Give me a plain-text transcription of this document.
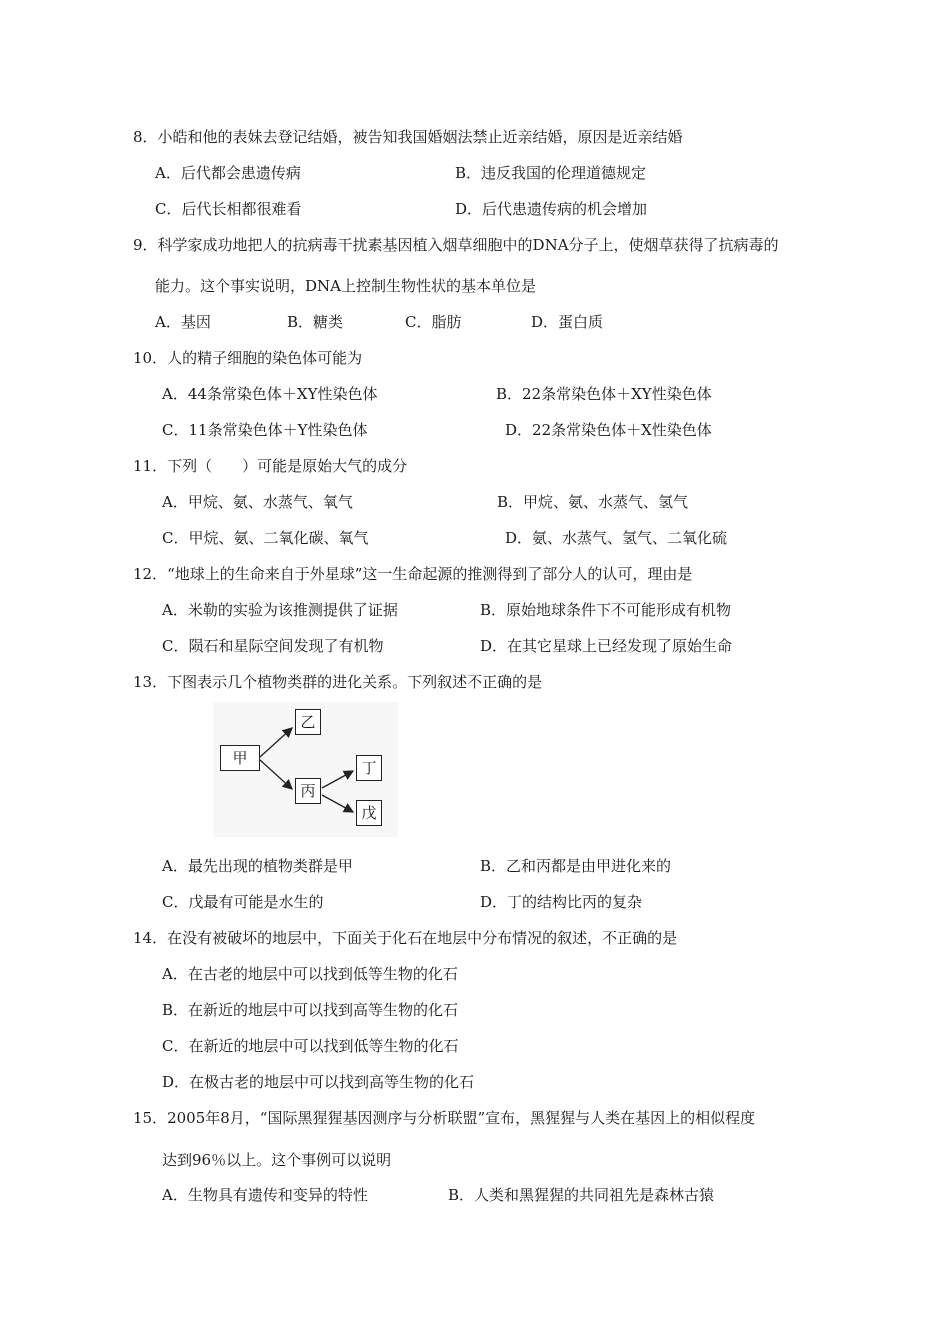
8．小皓和他的表妹去登记结婚，被告知我国婚姻法禁止近亲结婚，原因是近亲结婚
A．后代都会患遗传病	B．违反我国的伦理道德规定
C．后代长相都很难看	D．后代患遗传病的机会增加
9．科学家成功地把人的抗病毒干扰素基因植入烟草细胞中的DNA分子上，使烟草获得了抗病毒的
能力。这个事实说明，DNA上控制生物性状的基本单位是
A．基因	B．糖类	C．脂肪	D．蛋白质
10．人的精子细胞的染色体可能为
A．44条常染色体＋XY性染色体	B．22条常染色体＋XY性染色体
C．11条常染色体＋Y性染色体	D．22条常染色体＋X性染色体
11．下列（　　）可能是原始大气的成分
A．甲烷、氨、水蒸气、氧气	B．甲烷、氨、水蒸气、氢气
C．甲烷、氨、二氧化碳、氧气	D．氨、水蒸气、氢气、二氧化硫
12．“地球上的生命来自于外星球”这一生命起源的推测得到了部分人的认可，理由是
A．米勒的实验为该推测提供了证据	B．原始地球条件下不可能形成有机物
C．陨石和星际空间发现了有机物	D．在其它星球上已经发现了原始生命
13．下图表示几个植物类群的进化关系。下列叙述不正确的是
甲
乙
丙
丁
戊
A．最先出现的植物类群是甲	B．乙和丙都是由甲进化来的
C．戊最有可能是水生的	D．丁的结构比丙的复杂
14．在没有被破坏的地层中，下面关于化石在地层中分布情况的叙述，不正确的是
A．在古老的地层中可以找到低等生物的化石
B．在新近的地层中可以找到高等生物的化石
C．在新近的地层中可以找到低等生物的化石
D．在极古老的地层中可以找到高等生物的化石
15．2005年8月，“国际黑猩猩基因测序与分析联盟”宣布，黑猩猩与人类在基因上的相似程度
达到96％以上。这个事例可以说明
A．生物具有遗传和变异的特性	B．人类和黑猩猩的共同祖先是森林古猿
